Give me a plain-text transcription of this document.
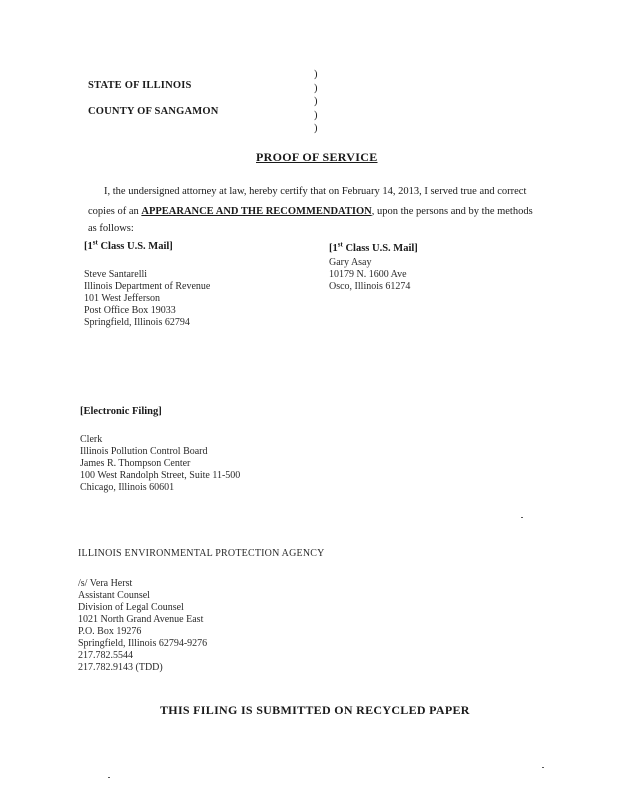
STATE OF ILLINOIS
COUNTY OF SANGAMON
)
)
)
)
)
PROOF OF SERVICE
I, the undersigned attorney at law, hereby certify that on February 14, 2013, I served true and correct
copies of an APPEARANCE AND THE RECOMMENDATION, upon the persons and by the methods
as follows:
[1st Class U.S. Mail]
Steve Santarelli
Illinois Department of Revenue
101 West Jefferson
Post Office Box 19033
Springfield, Illinois 62794
[1st Class U.S. Mail]
Gary Asay
10179 N. 1600 Ave
Osco, Illinois 61274
[Electronic Filing]
Clerk
Illinois Pollution Control Board
James R. Thompson Center
100 West Randolph Street, Suite 11-500
Chicago, Illinois 60601
ILLINOIS ENVIRONMENTAL PROTECTION AGENCY
/s/ Vera Herst
Assistant Counsel
Division of Legal Counsel
1021 North Grand Avenue East
P.O. Box 19276
Springfield, Illinois 62794-9276
217.782.5544
217.782.9143 (TDD)
THIS FILING IS SUBMITTED ON RECYCLED PAPER
